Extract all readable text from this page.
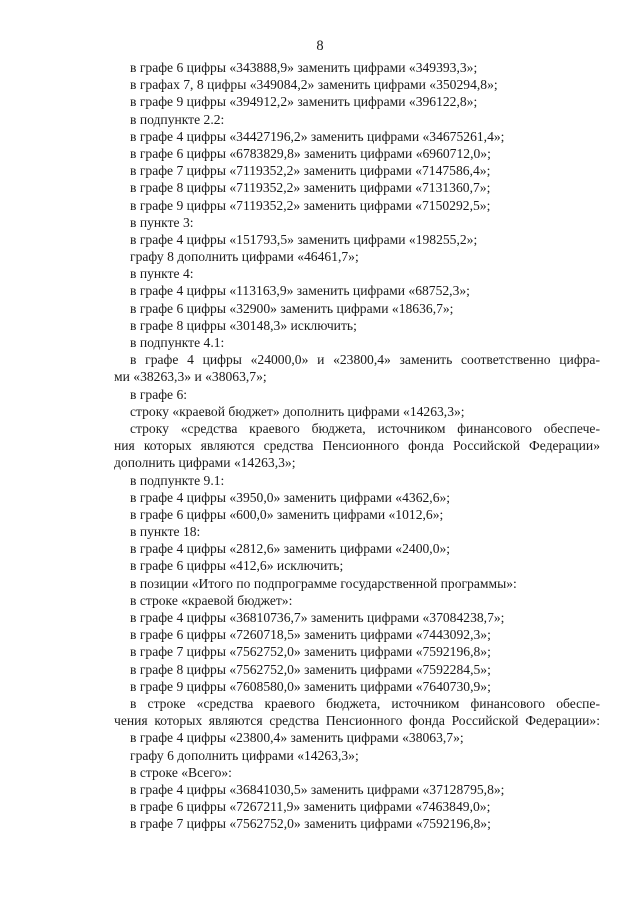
8
в графе 6 цифры «343888,9» заменить цифрами «349393,3»;
в графах 7, 8 цифры «349084,2» заменить цифрами «350294,8»;
в графе 9 цифры «394912,2» заменить цифрами «396122,8»;
в подпункте 2.2:
в графе 4 цифры «34427196,2» заменить цифрами «34675261,4»;
в графе 6 цифры «6783829,8» заменить цифрами «6960712,0»;
в графе 7 цифры «7119352,2» заменить цифрами «7147586,4»;
в графе 8 цифры «7119352,2» заменить цифрами «7131360,7»;
в графе 9 цифры «7119352,2» заменить цифрами «7150292,5»;
в пункте 3:
в графе 4 цифры «151793,5» заменить цифрами «198255,2»;
графу 8 дополнить цифрами «46461,7»;
в пункте 4:
в графе 4 цифры «113163,9» заменить цифрами «68752,3»;
в графе 6 цифры «32900» заменить цифрами «18636,7»;
в графе 8 цифры «30148,3» исключить;
в подпункте 4.1:
в графе 4 цифры «24000,0» и «23800,4» заменить соответственно цифра-
ми «38263,3» и «38063,7»;
в графе 6:
строку «краевой бюджет» дополнить цифрами «14263,3»;
строку «средства краевого бюджета, источником финансового обеспече-
ния которых являются средства Пенсионного фонда Российской Федерации»
дополнить цифрами «14263,3»;
в подпункте 9.1:
в графе 4 цифры «3950,0» заменить цифрами «4362,6»;
в графе 6 цифры «600,0» заменить цифрами «1012,6»;
в пункте 18:
в графе 4 цифры «2812,6» заменить цифрами «2400,0»;
в графе 6 цифры «412,6» исключить;
в позиции «Итого по подпрограмме государственной программы»:
в строке «краевой бюджет»:
в графе 4 цифры «36810736,7» заменить цифрами «37084238,7»;
в графе 6 цифры «7260718,5» заменить цифрами «7443092,3»;
в графе 7 цифры «7562752,0» заменить цифрами «7592196,8»;
в графе 8 цифры «7562752,0» заменить цифрами «7592284,5»;
в графе 9 цифры «7608580,0» заменить цифрами «7640730,9»;
в строке «средства краевого бюджета, источником финансового обеспе-
чения которых являются средства Пенсионного фонда Российской Федерации»:
в графе 4 цифры «23800,4» заменить цифрами «38063,7»;
графу 6 дополнить цифрами «14263,3»;
в строке «Всего»:
в графе 4 цифры «36841030,5» заменить цифрами «37128795,8»;
в графе 6 цифры «7267211,9» заменить цифрами «7463849,0»;
в графе 7 цифры «7562752,0» заменить цифрами «7592196,8»;
